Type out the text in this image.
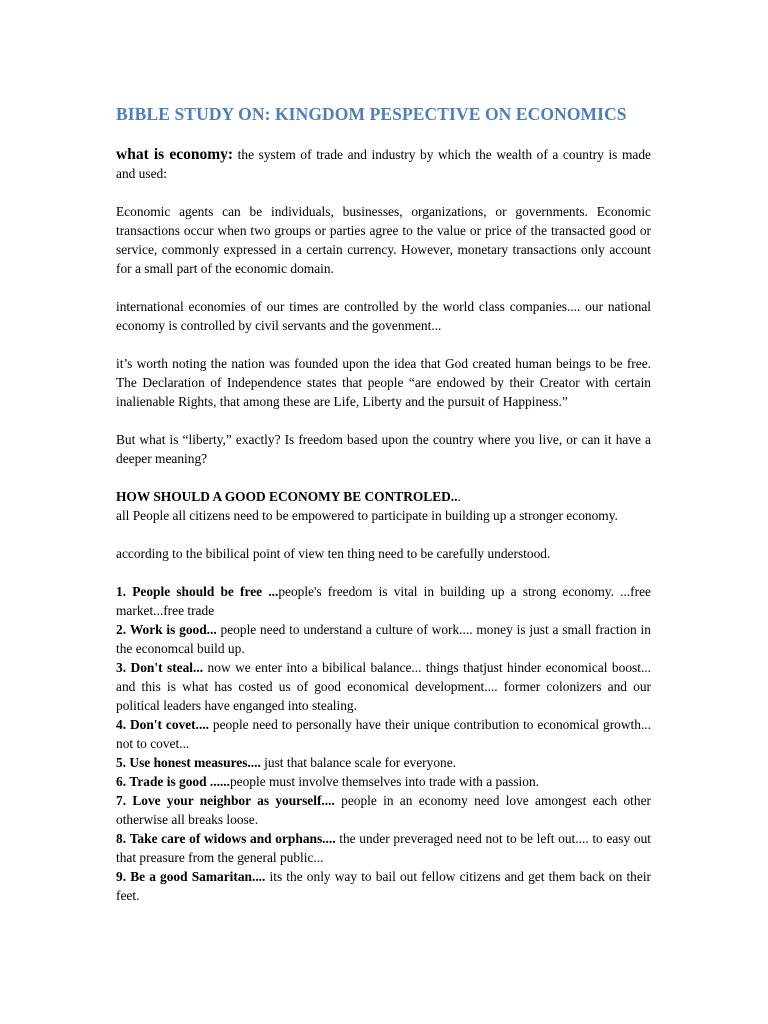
BIBLE STUDY ON: KINGDOM PESPECTIVE ON ECONOMICS

what is economy: the system of trade and industry by which the wealth of a country is made and used:

Economic agents can be individuals, businesses, organizations, or governments. Economic transactions occur when two groups or parties agree to the value or price of the transacted good or service, commonly expressed in a certain currency. However, monetary transactions only account for a small part of the economic domain.

international economies of our times are controlled by the world class companies.... our national economy is controlled by civil servants and the govenment...

it’s worth noting the nation was founded upon the idea that God created human beings to be free. The Declaration of Independence states that people “are endowed by their Creator with certain inalienable Rights, that among these are Life, Liberty and the pursuit of Happiness.”

But what is “liberty,” exactly? Is freedom based upon the country where you live, or can it have a deeper meaning?

HOW SHOULD A GOOD ECONOMY BE CONTROLED...

all People all citizens need to be empowered to participate in building up a stronger economy.

according to the bibilical point of view ten thing need to be carefully understood.

1. People should be free ...people's freedom is vital in building up a strong economy. ...free market...free trade

2. Work is good... people need to understand a culture of work.... money is just a small fraction in the economcal build up.

3. Don't steal... now we enter into a bibilical balance... things thatjust hinder economical boost... and this is what has costed us of good economical development.... former colonizers and our political leaders have enganged into stealing.

4. Don't covet.... people need to personally have their unique contribution to economical growth... not to covet...

5. Use honest measures.... just that balance scale for everyone.

6. Trade is good ......people must involve themselves into trade with a passion.

7. Love your neighbor as yourself.... people in an economy need love amongest each other otherwise all breaks loose.

8. Take care of widows and orphans.... the under preveraged need not to be left out.... to easy out that preasure from the general public...

9. Be a good Samaritan.... its the only way to bail out fellow citizens and get them back on their feet.
